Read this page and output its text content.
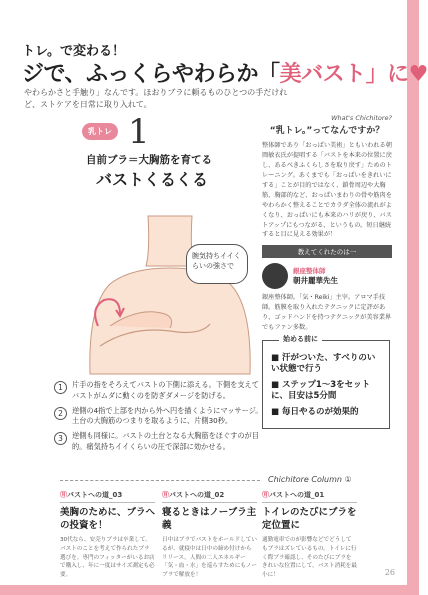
トレ。で変わる！
ジで、ふっくらやわらか「美バスト」に♥
やわらかさと手触り」なんです。ほおりブラに頼るものひとつの手だけれど、ストケアを日常に取り入れて。
乳トレ 1
自前ブラ＝大胸筋を育てる
バストくるくる
腕気持ちイイくらいの強さで
What's Chichitore?
“乳トレ。”ってなんですか？
整体師であり「おっぱい美術」ともいわれる朝岡敏衣氏が提唱する「バストを本来の位置に戻し、あるべきふくらしさを取り戻す」ためのトレーニング。あくまでも「おっぱいをきれいにする」ことが目的ではなく、鎖骨周辺や大胸筋、胸部的など、おっぱいまわりの骨や筋肉をやわらかく整えることでカラダ全体の流れがよくなり、おっぱいにも本来のハリが戻り、バストアップにもつながる、というもの。短日継続すると目に見える効果が！
教えてくれたのは一
銀座整体師
朝井麗華先生
銀座整体師。「気・Reiki」主宰。アロマ手技師。筋膜を取り入れたテクニックに定評があり、ゴッドハンドを持つテクニックが美容業界でもファン多数。
始める前に
■ 汗がついた、すべりのいい状態で行う
■ ステップ1〜3をセットに、目安は5分間
■ 毎日やるのが効果的
1	片手の指をそろえてバストの下側に添える。下側を支えてバストがムダに動くのを防ぎダメージを防げる。
2	逆側の4指で上部を内から外へ円を描くようにマッサージ。土台の大胸筋のつまりを取るように、片側30秒。
3	逆側も同様に。バストの土台となる大胸筋をほぐすのが目的。痛気持ちイイくらいの圧で深部に効かせる。
Chichitore Column ①
㊊バストへの道_03
美胸のために、ブラへの投資を！
30代なら、安売りブラは卒業して。バストのことを考えて作られたブラ選びを。専門のフィッターがいるお店で購入し、年に一度はサイズ測定も必要。
㊊バストへの道_02
寝るときはノーブラ主義
日中はブラでバストをホールドしているが、就寝中は日中の締め付けからリリース。人間の二人エネルギー「気・血・水」を巡らすためにもノーブラで解放を！
㊊バストへの道_01
トイレのたびにブラを定位置に
通勤電車でのが影響などでどうしてもブラはズレているもの。トイレに行く際ブラ確認し、そのたびにブラをきれいな位置にして。バスト消耗を最小に！	26
